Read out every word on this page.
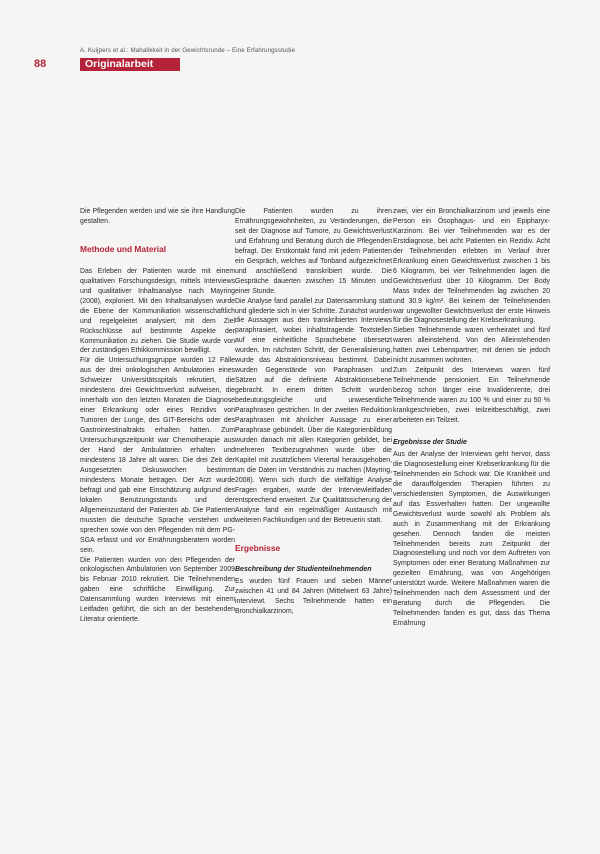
A. Kuijpers et al.: Mahalikkeit in der Gewichtsrunde – Eine Erfahrungsstudie
88	Originalarbeit

Die Pflegenden werden und wie sie ihre Handlung gestalten.

Methode und Material

Das Erleben der Patienten wurde mit einem qualitativen Forschungsdesign, mittels Interviews und qualitativer Inhaltsanalyse nach Mayring (2008), exploriert. Mit den Inhaltsanalysen wurde die Ebene der Kommunikation wissenschaftlich und regelgeleitet analysiert, mit dem Ziel Rückschlüsse auf bestimmte Aspekte der Kommunikation zu ziehen. Die Studie wurde von der zuständigen Ethikkommission bewilligt.

Für die Untersuchungsgruppe wurden 12 Fälle aus der drei onkologischen Ambulatorien eines Schweizer Universitätsspitals rekrutiert, die mindestens drei Gewichtsverlust aufweisen, die innerhalb von den letzten Monaten die Diagnose einer Erkrankung oder eines Rezidivs von Tumoren der Lunge, des GIT-Bereichs oder des Gastrointestinaltrakts erhalten hatten. Zum Untersuchungszeitpunkt war Chemotherapie aus der Hand der Ambulatorien erhalten und mindestens 18 Jahre alt waren. Die drei Zeit der Ausgesetzten Diskuswochen bestimmt mindestens Monate betragen. Der Arzt wurde befragt und gab eine Einschätzung aufgrund des lokalen Benutzungsstands und der Allgemeinzustand der Patienten ab. Die Patienten mussten die deutsche Sprache verstehen und sprechen sowie von den Pflegenden mit dem PG-SGA erfasst und vor Ernährungsberatern worden sein.

Die Patienten wurden von den Pflegenden der onkologischen Ambulatorien von September 2009 bis Februar 2010 rekrutiert. Die Teilnehmenden gaben eine schriftliche Einwilligung. Zur Datensammlung wurden Interviews mit einem Leitfaden geführt, die sich an der bestehenden Literatur orientierte.

Die Patienten wurden zu ihren Ernährungsgewohnheiten, zu Veränderungen, die seit der Diagnose auf Tumore, zu Gewichtsverlust und Erfahrung und Beratung durch die Pflegenden befragt. Der Erstkontakt fand mit jedem Patienten ein Gespräch, welches auf Tonband aufgezeichnet und anschließend transkribiert wurde. Die Gespräche dauerten zwischen 15 Minuten und einer Stunde.

Die Analyse fand parallel zur Datensammlung statt und gliederte sich in vier Schritte. Zunächst wurden die Aussagen aus den transkribierten Interviews paraphrasiert, wobei inhaltstragende Textstellen auf eine einheitliche Sprachebene übersetzt wurden. Im nächsten Schritt, der Generalisierung, wurde das Abstraktionsniveau bestimmt. Dabei wurden Gegenstände von Paraphrasen und Sätzen auf die definierte Abstraktionsebene gebracht. In einem dritten Schritt wurden bedeutungsgleiche und unwesentliche Paraphrasen gestrichen. In der zweiten Reduktion Paraphrasen mit ähnlicher Aussage zu einer Paraphrase gebündelt. Über die Kategorienbildung wurden danach mit allen Kategorien gebildet, bei mehreren Textbezugnahmen wurde über die Kapitel mit zusätzlichem Vierertal herausgehoben, um die Daten im Verständnis zu machen (Mayring, 2008). Wenn sich durch die vielfältige Analyse Fragen ergaben, wurde der Interviewleitfaden entsprechend erweitert. Zur Qualitätssicherung der Analyse fand ein regelmäßiger Austausch mit weiteren Fachkundigen und der Betreuerin statt.

Ergebnisse

Beschreibung der Studienteilnehmenden

Es wurden fünf Frauen und sieben Männer zwischen 41 und 84 Jahren (Mittelwert 63 Jahre) interviewt. Sechs Teilnehmende hatten ein Bronchialkarzinom,

zwei, vier ein Bronchialkarzinom und jeweils eine Person ein Ösophagus- und ein Epipharyx-Karzinom. Bei vier Teilnehmenden war es der Erstdiagnose, bei acht Patienten ein Rezidiv. Acht der Teilnehmenden erlebten im Verlauf ihrer Erkrankung einen Gewichtsverlust zwischen 1 bis 6 Kilogramm, bei vier Teilnehmenden lagen die Gewichtsverlust über 10 Kilogramm. Der Body Mass Index der Teilnehmenden lag zwischen 20 und 30.9 kg/m². Bei keinem der Teilnehmenden war ungewollter Gewichtsverlust der erste Hinweis für die Diagnosestellung der Krebserkrankung.

Sieben Teilnehmende waren verheiratet und fünf waren alleinstehend. Von den Alleinstehenden hatten zwei Lebenspartner, mit denen sie jedoch nicht zusammen wohnten.

Zum Zeitpunkt des Interviews waren fünf Teilnehmende pensioniert. Ein Teilnehmende bezog schon länger eine Invalidenrente, drei Teilnehmende waren zu 100 % und einer zu 50 % krankgeschrieben, zwei teilzeitbeschäftigt, zwei arbeiteten ein Teilzeit.

Ergebnisse der Studie

Aus der Analyse der Interviews geht hervor, dass die Diagnosestellung einer Krebserkrankung für die Teilnehmenden ein Schock war. Die Krankheit und die darauffolgenden Therapien führten zu verschiedensten Symptomen, die Auswirkungen auf das Essverhalten hatten. Der ungewollte Gewichtsverlust wurde sowohl als Problem als auch in Zusammenhang mit der Erkrankung gesehen. Dennoch fanden die meisten Teilnehmenden bereits zum Zeitpunkt der Diagnosestellung und noch vor dem Auftreten von Symptomen oder einer Beratung Maßnahmen zur gezielten Ernährung, was von Angehörigen unterstützt wurde. Weitere Maßnahmen waren die Teilnehmenden nach dem Assessment und der Beratung durch die Pflegenden. Die Teilnehmenden fanden es gut, dass das Thema Ernährung
